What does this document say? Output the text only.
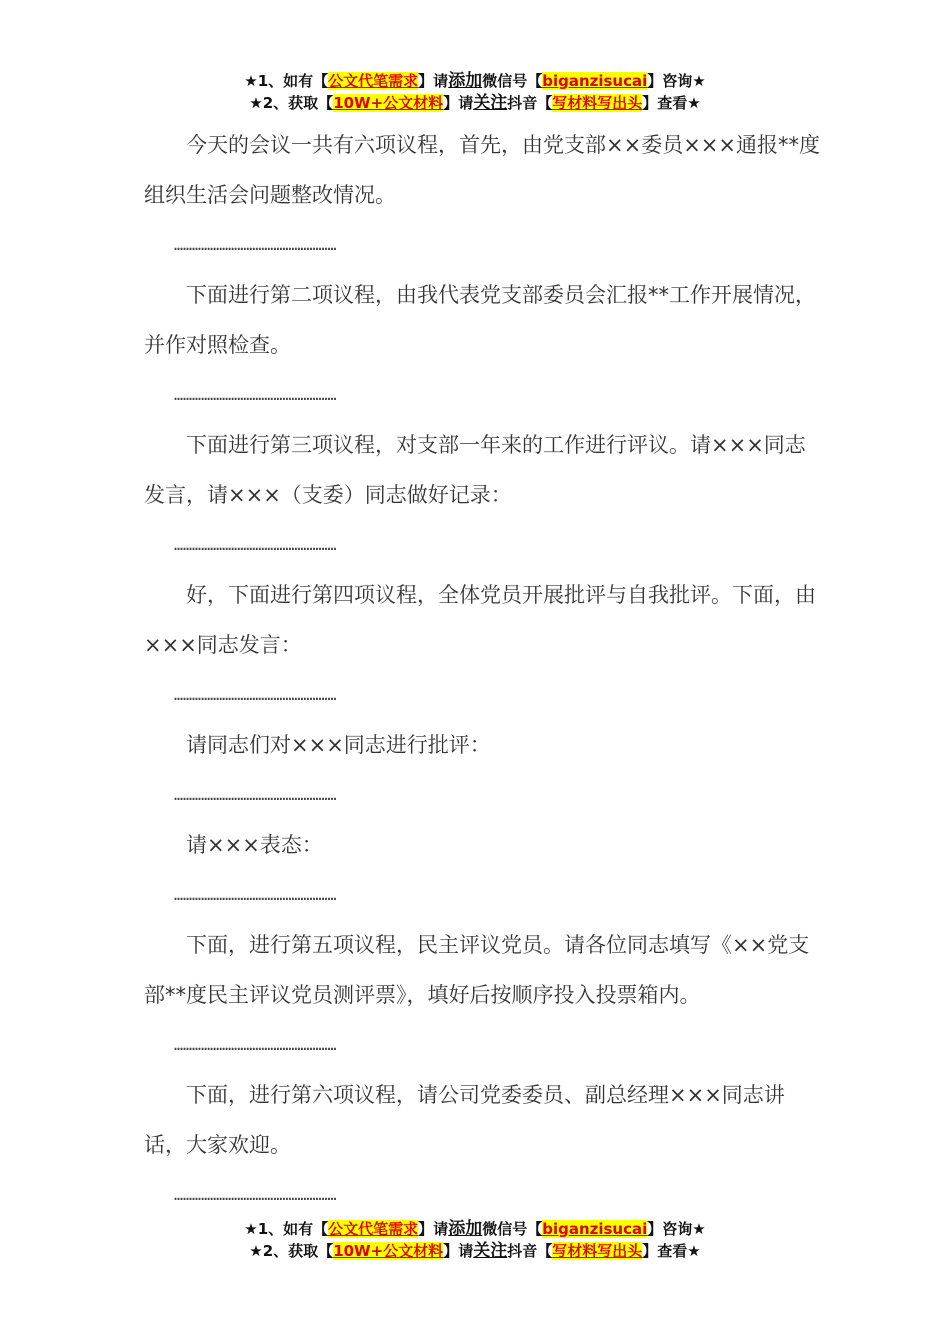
★1、如有【公文代笔需求】请添加微信号【biganzisucai】咨询★
★2、获取【10W+公文材料】请关注抖音【写材料写出头】查看★

今天的会议一共有六项议程，首先，由党支部××委员×××通报**度组织生活会问题整改情况。

………………………………………………

下面进行第二项议程，由我代表党支部委员会汇报**工作开展情况，并作对照检查。

………………………………………………

下面进行第三项议程，对支部一年来的工作进行评议。请×××同志发言，请×××（支委）同志做好记录：

………………………………………………

好，下面进行第四项议程，全体党员开展批评与自我批评。下面，由×××同志发言：

………………………………………………

请同志们对×××同志进行批评：

………………………………………………

请×××表态：

………………………………………………

下面，进行第五项议程，民主评议党员。请各位同志填写《××党支部**度民主评议党员测评票》，填好后按顺序投入投票箱内。

………………………………………………

下面，进行第六项议程，请公司党委委员、副总经理×××同志讲话，大家欢迎。

………………………………………………

★1、如有【公文代笔需求】请添加微信号【biganzisucai】咨询★
★2、获取【10W+公文材料】请关注抖音【写材料写出头】查看★
